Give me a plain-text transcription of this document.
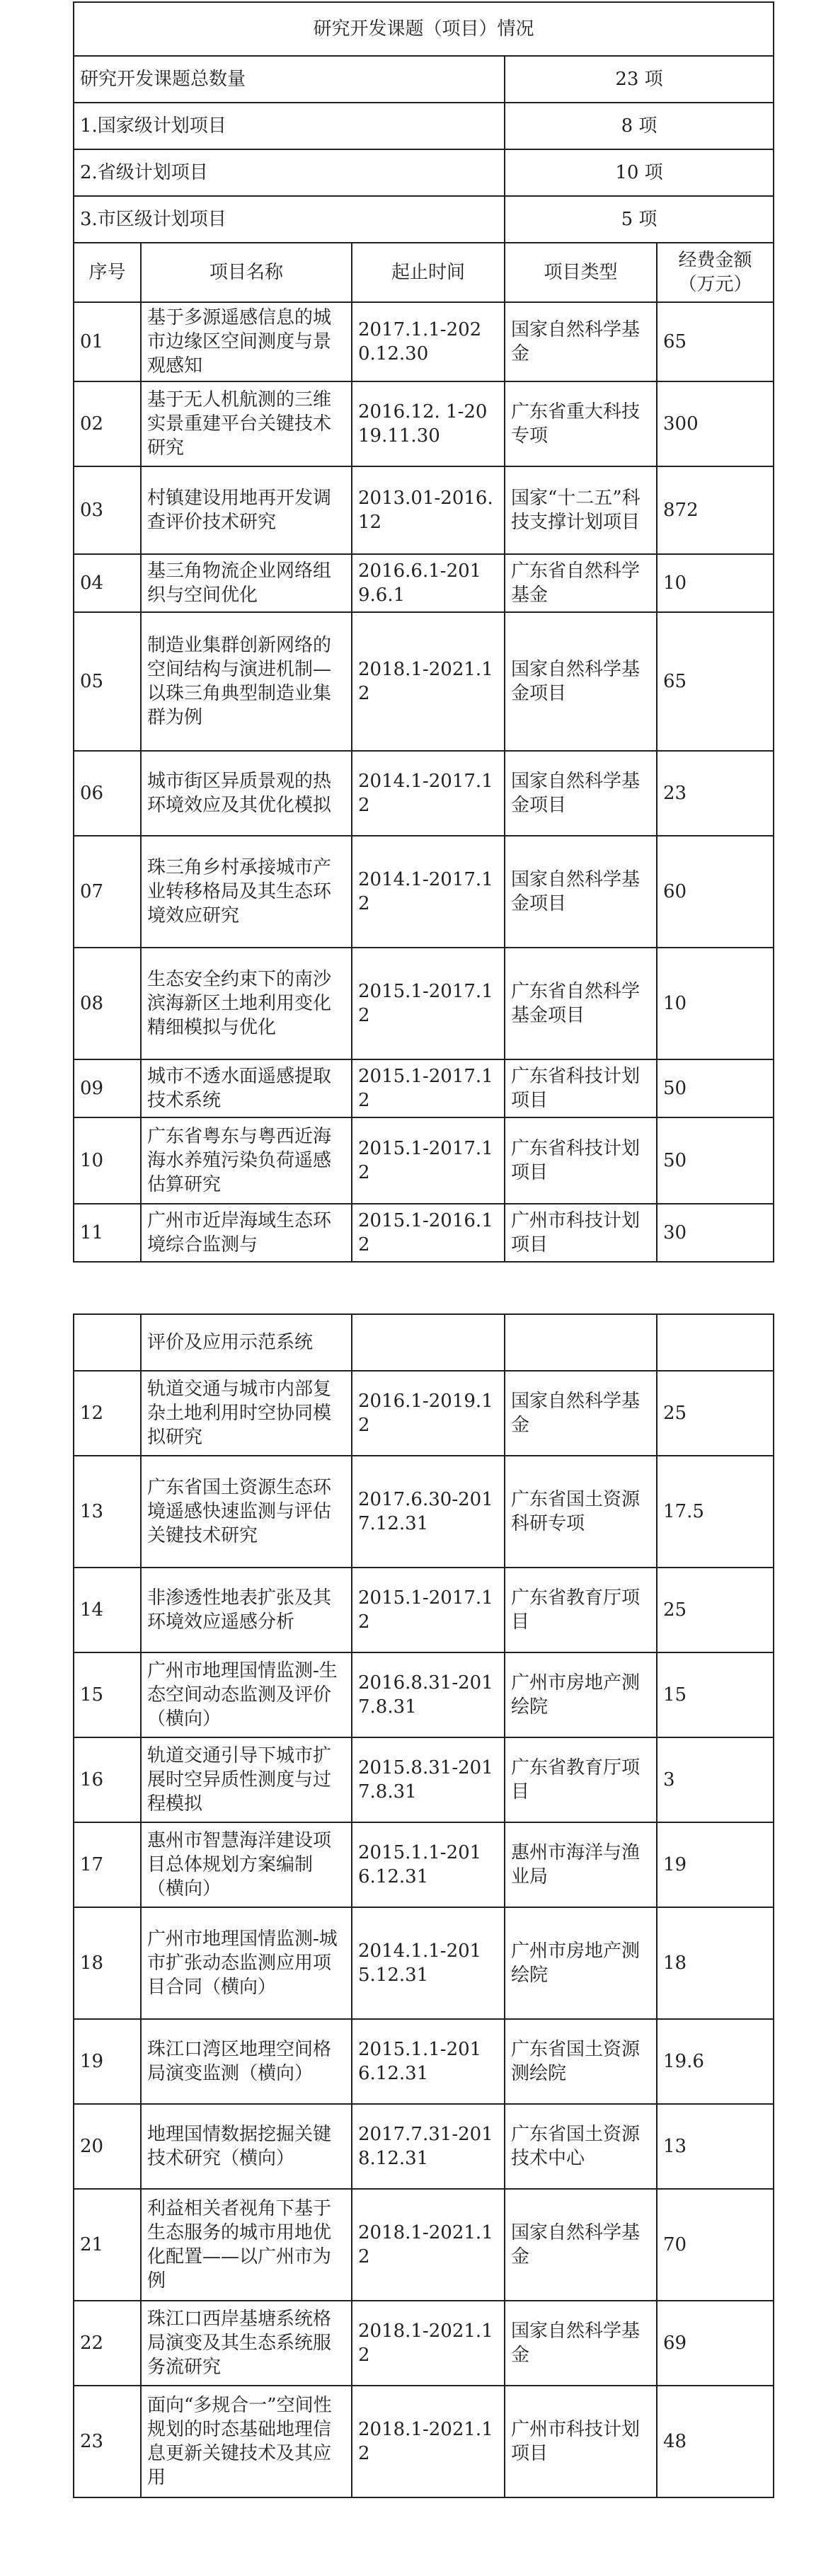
研究开发课题（项目）情况				
研究开发课题总数量			23 项	
1.国家级计划项目			8 项	
2.省级计划项目			10 项	
3.市区级计划项目			5 项	
序号	项目名称	起止时间	项目类型	经费金额（万元）
01	基于多源遥感信息的城市边缘区空间测度与景观感知	2017.1.1-2020.12.30	国家自然科学基金	65
02	基于无人机航测的三维实景重建平台关键技术研究	2016.12. 1-2019.11.30	广东省重大科技专项	300
03	村镇建设用地再开发调查评价技术研究	2013.01-2016.12	国家“十二五”科技支撑计划项目	872
04	基三角物流企业网络组织与空间优化	2016.6.1-2019.6.1	广东省自然科学基金	10
05	制造业集群创新网络的空间结构与演进机制—以珠三角典型制造业集群为例	2018.1-2021.12	国家自然科学基金项目	65
06	城市街区异质景观的热环境效应及其优化模拟	2014.1-2017.12	国家自然科学基金项目	23
07	珠三角乡村承接城市产业转移格局及其生态环境效应研究	2014.1-2017.12	国家自然科学基金项目	60
08	生态安全约束下的南沙滨海新区土地利用变化精细模拟与优化	2015.1-2017.12	广东省自然科学基金项目	10
09	城市不透水面遥感提取技术系统	2015.1-2017.12	广东省科技计划项目	50
10	广东省粤东与粤西近海海水养殖污染负荷遥感估算研究	2015.1-2017.12	广东省科技计划项目	50
11	广州市近岸海域生态环境综合监测与	2015.1-2016.12	广州市科技计划项目	30
	评价及应用示范系统			
12	轨道交通与城市内部复杂土地利用时空协同模拟研究	2016.1-2019.12	国家自然科学基金	25
13	广东省国土资源生态环境遥感快速监测与评估关键技术研究	2017.6.30-2017.12.31	广东省国土资源科研专项	17.5
14	非渗透性地表扩张及其环境效应遥感分析	2015.1-2017.12	广东省教育厅项目	25
15	广州市地理国情监测-生态空间动态监测及评价（横向）	2016.8.31-2017.8.31	广州市房地产测绘院	15
16	轨道交通引导下城市扩展时空异质性测度与过程模拟	2015.8.31-2017.8.31	广东省教育厅项目	3
17	惠州市智慧海洋建设项目总体规划方案编制（横向）	2015.1.1-2016.12.31	惠州市海洋与渔业局	19
18	广州市地理国情监测-城市扩张动态监测应用项目合同（横向）	2014.1.1-2015.12.31	广州市房地产测绘院	18
19	珠江口湾区地理空间格局演变监测（横向）	2015.1.1-2016.12.31	广东省国土资源测绘院	19.6
20	地理国情数据挖掘关键技术研究（横向）	2017.7.31-2018.12.31	广东省国土资源技术中心	13
21	利益相关者视角下基于生态服务的城市用地优化配置——以广州市为例	2018.1-2021.12	国家自然科学基金	70
22	珠江口西岸基塘系统格局演变及其生态系统服务流研究	2018.1-2021.12	国家自然科学基金	69
23	面向“多规合一”空间性规划的时态基础地理信息更新关键技术及其应用	2018.1-2021.12	广州市科技计划项目	48
